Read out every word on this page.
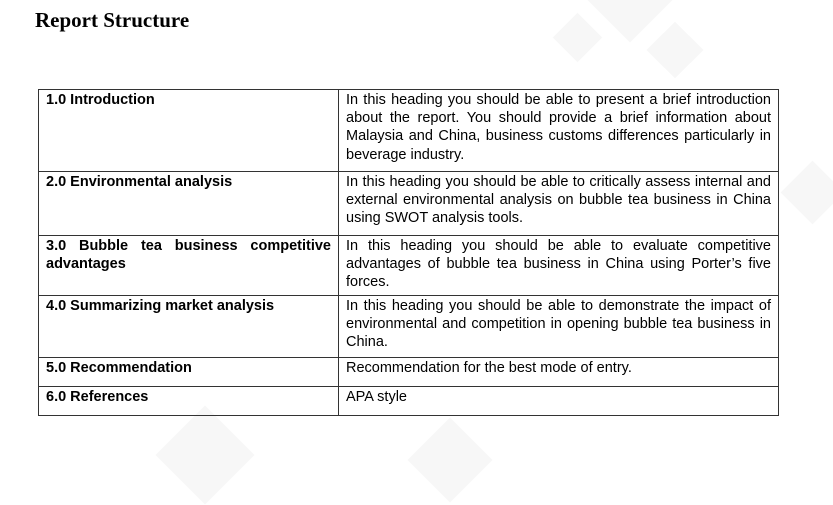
Report Structure
1.0 Introduction	In this heading you should be able to present a brief introduction about the report. You should provide a brief information about Malaysia and China, business customs differences particularly in beverage industry.
2.0 Environmental analysis	In this heading you should be able to critically assess internal and external environmental analysis on bubble tea business in China using SWOT analysis tools.
3.0 Bubble tea business competitive advantages	In this heading you should be able to evaluate competitive advantages of bubble tea business in China using Porter’s five forces.
4.0 Summarizing market analysis	In this heading you should be able to demonstrate the impact of environmental and competition in opening bubble tea business in China.
5.0 Recommendation	Recommendation for the best mode of entry.
6.0 References	APA style
